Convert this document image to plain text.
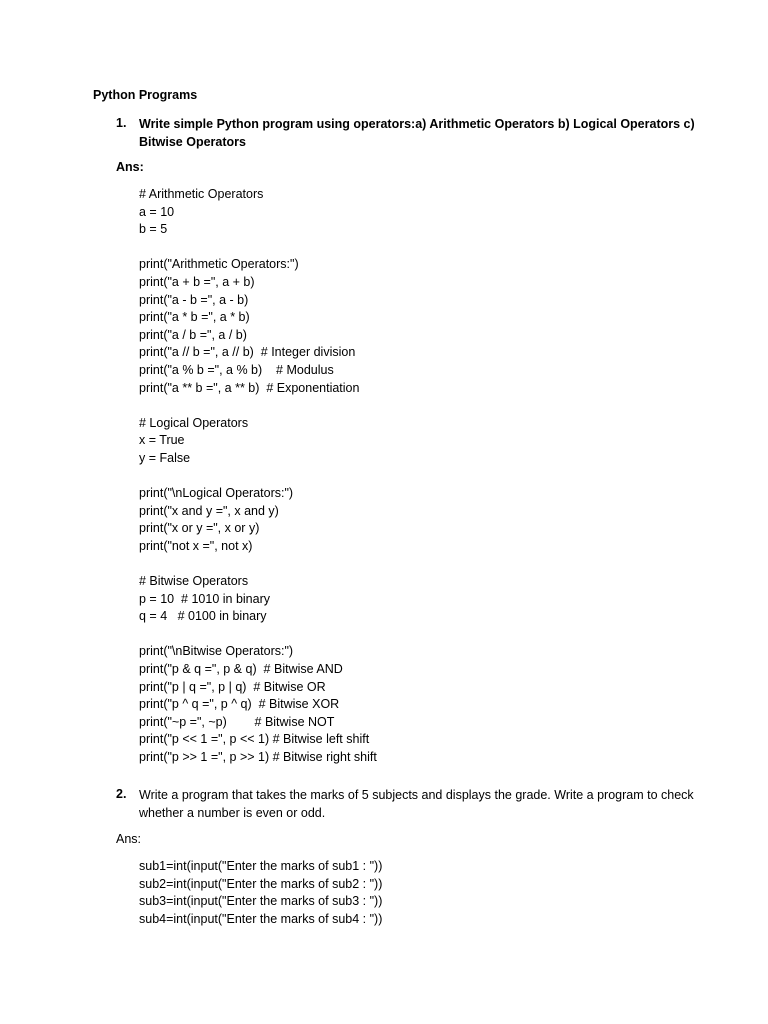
Python Programs
1. Write simple Python program using operators:a) Arithmetic Operators b) Logical Operators c) Bitwise Operators
Ans:
# Arithmetic Operators
a = 10
b = 5
print("Arithmetic Operators:")
print("a + b =", a + b)
print("a - b =", a - b)
print("a * b =", a * b)
print("a / b =", a / b)
print("a // b =", a // b)  # Integer division
print("a % b =", a % b)    # Modulus
print("a ** b =", a ** b)  # Exponentiation
# Logical Operators
x = True
y = False
print("\nLogical Operators:")
print("x and y =", x and y)
print("x or y =", x or y)
print("not x =", not x)
# Bitwise Operators
p = 10  # 1010 in binary
q = 4   # 0100 in binary
print("\nBitwise Operators:")
print("p & q =", p & q)  # Bitwise AND
print("p | q =", p | q)  # Bitwise OR
print("p ^ q =", p ^ q)  # Bitwise XOR
print("~p =", ~p)        # Bitwise NOT
print("p << 1 =", p << 1) # Bitwise left shift
print("p >> 1 =", p >> 1) # Bitwise right shift
2. Write a program that takes the marks of 5 subjects and displays the grade. Write a program to check whether a number is even or odd.
Ans:
sub1=int(input("Enter the marks of sub1 : "))
sub2=int(input("Enter the marks of sub2 : "))
sub3=int(input("Enter the marks of sub3 : "))
sub4=int(input("Enter the marks of sub4 : "))
